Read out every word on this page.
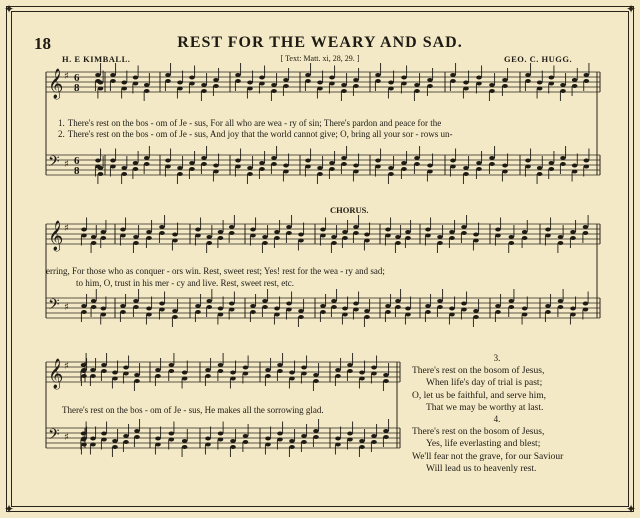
✦	✦
✦	✦
18	REST FOR THE WEARY AND SAD.
H. E KIMBALL.	[ Text: Matt. xi, 28, 29. ]	GEO. C. HUGG.
𝄞 ♯ 6
8
𝄢 ♯ 6
8
𝄞 ♯
𝄢 ♯
𝄞 ♯
𝄢 ♯
CHORUS.
1. There's rest on the bos - om of Je - sus, For all who are wea - ry of sin; There's pardon and peace for the
2. There's rest on the bos - om of Je - sus, And joy that the world cannot give; O, bring all your sor - rows un-
erring, For those who as conquer - ors win. Rest, sweet rest; Yes! rest for the wea - ry and sad;
to him, O, trust in his mer - cy and live. Rest, sweet rest, etc.
There's rest on the bos - om of Je - sus, He makes all the sorrowing glad.
3.
There's rest on the bosom of Jesus,
When life's day of trial is past;
O, let us be faithful, and serve him,
That we may be worthy at last.
4.
There's rest on the bosom of Jesus,
Yes, life everlasting and blest;
We'll fear not the grave, for our Saviour
Will lead us to heavenly rest.
